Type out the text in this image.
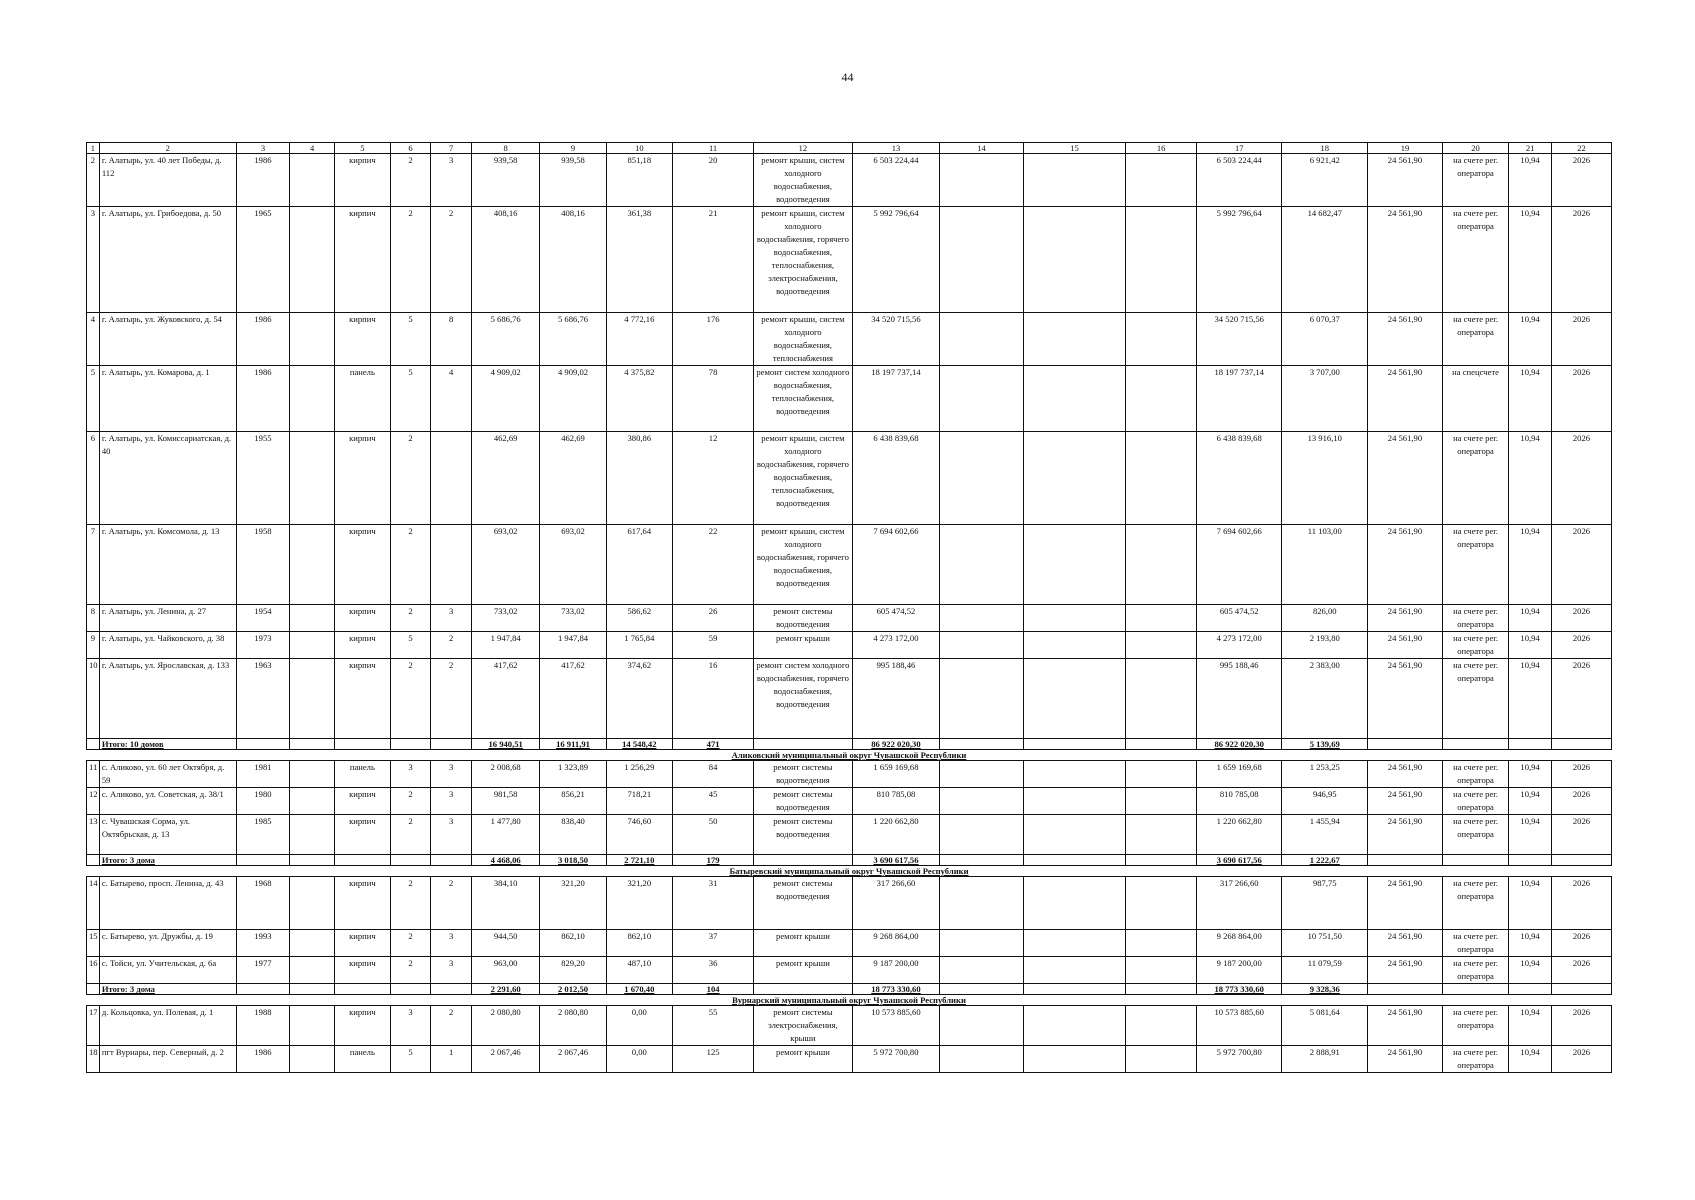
44
1	2	3	4	5	6	7	8	9	10	11	12	13	14	15	16	17	18	19	20	21	22
2	г. Алатырь, ул. 40 лет Победы, д. 112	1986		кирпич	2	3	939,58	939,58	851,18	20	ремонт крыши, систем холодного водоснабжения, водоотведения	6 503 224,44				6 503 224,44	6 921,42	24 561,90	на счете рег. оператора	10,94	2026
3	г. Алатырь, ул. Грибоедова, д. 50	1965		кирпич	2	2	408,16	408,16	361,38	21	ремонт крыши, систем холодного водоснабжения, горячего водоснабжения, теплоснабжения, электроснабжения, водоотведения	5 992 796,64				5 992 796,64	14 682,47	24 561,90	на счете рег. оператора	10,94	2026
4	г. Алатырь, ул. Жуковского, д. 54	1986		кирпич	5	8	5 686,76	5 686,76	4 772,16	176	ремонт крыши, систем холодного водоснабжения, теплоснабжения	34 520 715,56				34 520 715,56	6 070,37	24 561,90	на счете рег. оператора	10,94	2026
5	г. Алатырь, ул. Комарова, д. 1	1986		панель	5	4	4 909,02	4 909,02	4 375,82	78	ремонт систем холодного водоснабжения, теплоснабжения, водоотведения	18 197 737,14				18 197 737,14	3 707,00	24 561,90	на спецсчете	10,94	2026
6	г. Алатырь, ул. Комиссариатская, д. 40	1955		кирпич	2		462,69	462,69	380,86	12	ремонт крыши, систем холодного водоснабжения, горячего водоснабжения, теплоснабжения, водоотведения	6 438 839,68				6 438 839,68	13 916,10	24 561,90	на счете рег. оператора	10,94	2026
7	г. Алатырь, ул. Комсомола, д. 13	1958		кирпич	2		693,02	693,02	617,64	22	ремонт крыши, систем холодного водоснабжения, горячего водоснабжения, водоотведения	7 694 602,66				7 694 602,66	11 103,00	24 561,90	на счете рег. оператора	10,94	2026
8	г. Алатырь, ул. Ленина, д. 27	1954		кирпич	2	3	733,02	733,02	586,62	26	ремонт системы водоотведения	605 474,52				605 474,52	826,00	24 561,90	на счете рег. оператора	10,94	2026
9	г. Алатырь, ул. Чайковского, д. 38	1973		кирпич	5	2	1 947,84	1 947,84	1 765,84	59	ремонт крыши	4 273 172,00				4 273 172,00	2 193,80	24 561,90	на счете рег. оператора	10,94	2026
10	г. Алатырь, ул. Ярославская, д. 133	1963		кирпич	2	2	417,62	417,62	374,62	16	ремонт систем холодного водоснабжения, горячего водоснабжения, водоотведения	995 188,46				995 188,46	2 383,00	24 561,90	на счете рег. оператора	10,94	2026
	Итого: 10 домов						16 940,51	16 911,91	14 548,42	471		86 922 020,30				86 922 020,30	5 139,69				
Аликовский муниципальный округ Чувашской Республики																					
11	с. Аликово, ул. 60 лет Октября, д. 59	1981		панель	3	3	2 008,68	1 323,89	1 256,29	84	ремонт системы водоотведения	1 659 169,68				1 659 169,68	1 253,25	24 561,90	на счете рег. оператора	10,94	2026
12	с. Аликово, ул. Советская, д. 38/1	1980		кирпич	2	3	981,58	856,21	718,21	45	ремонт системы водоотведения	810 785,08				810 785,08	946,95	24 561,90	на счете рег. оператора	10,94	2026
13	с. Чувашская Сорма, ул. Октябрьская, д. 13	1985		кирпич	2	3	1 477,80	838,40	746,60	50	ремонт системы водоотведения	1 220 662,80				1 220 662,80	1 455,94	24 561,90	на счете рег. оператора	10,94	2026
	Итого: 3 дома						4 468,06	3 018,50	2 721,10	179		3 690 617,56				3 690 617,56	1 222,67				
Батыревский муниципальный округ Чувашской Республики																					
14	с. Батырево, просп. Ленина, д. 43	1968		кирпич	2	2	384,10	321,20	321,20	31	ремонт системы водоотведения	317 266,60				317 266,60	987,75	24 561,90	на счете рег. оператора	10,94	2026
15	с. Батырево, ул. Дружбы, д. 19	1993		кирпич	2	3	944,50	862,10	862,10	37	ремонт крыши	9 268 864,00				9 268 864,00	10 751,50	24 561,90	на счете рег. оператора	10,94	2026
16	с. Тойси, ул. Учительская, д. 6а	1977		кирпич	2	3	963,00	829,20	487,10	36	ремонт крыши	9 187 200,00				9 187 200,00	11 079,59	24 561,90	на счете рег. оператора	10,94	2026
	Итого: 3 дома						2 291,60	2 012,50	1 670,40	104		18 773 330,60				18 773 330,60	9 328,36				
Вурнарский муниципальный округ Чувашской Республики																					
17	д. Кольцовка, ул. Полевая, д. 1	1988		кирпич	3	2	2 080,80	2 080,80	0,00	55	ремонт системы электроснабжения, крыши	10 573 885,60				10 573 885,60	5 081,64	24 561,90	на счете рег. оператора	10,94	2026
18	пгт Вурнары, пер. Северный, д. 2	1986		панель	5	1	2 067,46	2 067,46	0,00	125	ремонт крыши	5 972 700,80				5 972 700,80	2 888,91	24 561,90	на счете рег. оператора	10,94	2026
